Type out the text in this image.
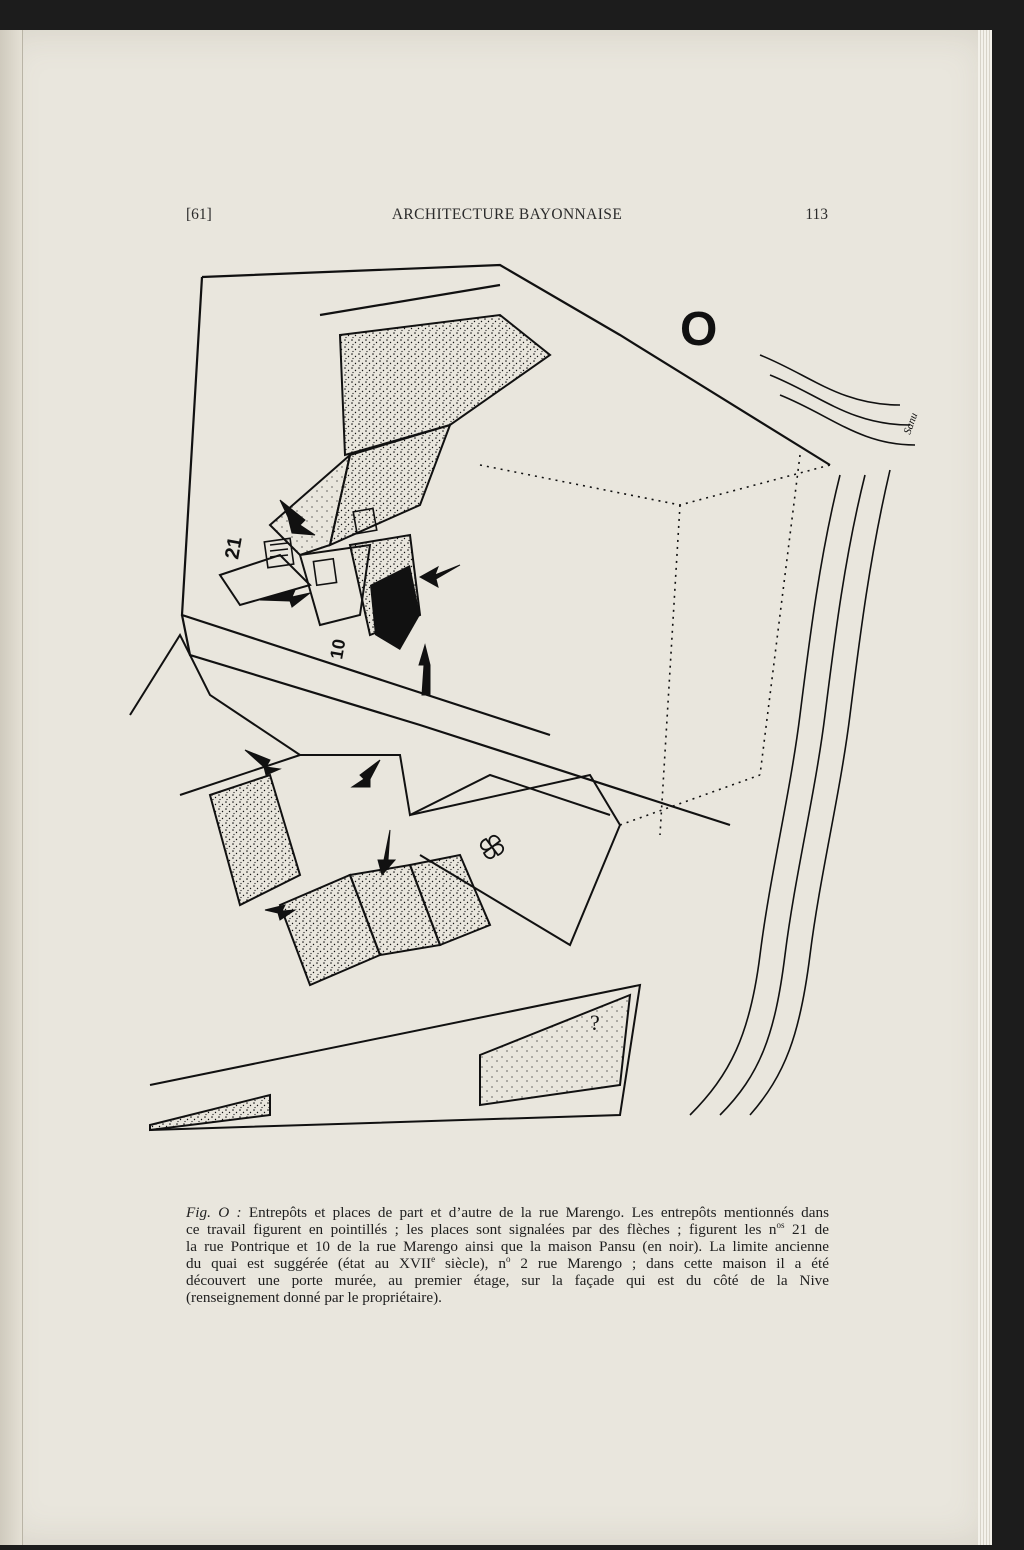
[61]	ARCHITECTURE BAYONNAISE	113
21
10
O
?
Sanu
Fig. O : Entrepôts et places de part et d’autre de la rue Marengo. Les entrepôts mentionnés dans
ce travail figurent en pointillés ; les places sont signalées par des flèches ; figurent les $n^{os}$ 21 de
la rue Pontrique et 10 de la rue Marengo ainsi que la maison Pansu (en noir). La limite ancienne
du quai est suggérée (état au XVIIe siècle), $n^o$ 2 rue Marengo ; dans cette maison il a été
découvert une porte murée, au premier étage, sur la façade qui est du côté de la Nive
(renseignement donné par le propriétaire).
